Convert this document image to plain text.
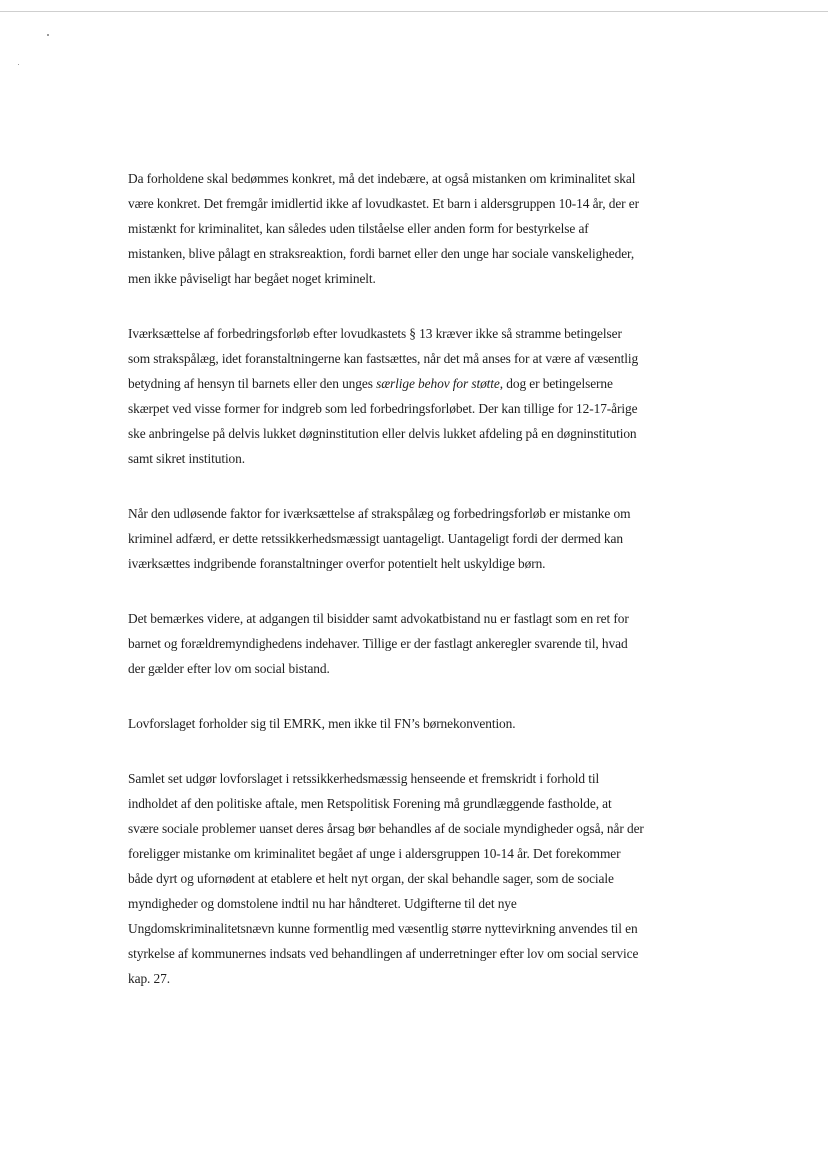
Da forholdene skal bedømmes konkret, må det indebære, at også mistanken om kriminalitet skal
være konkret. Det fremgår imidlertid ikke af lovudkastet. Et barn i aldersgruppen 10-14 år, der er
mistænkt for kriminalitet, kan således uden tilståelse eller anden form for bestyrkelse af
mistanken, blive pålagt en straksreaktion, fordi barnet eller den unge har sociale vanskeligheder,
men ikke påviseligt har begået noget kriminelt.
Iværksættelse af forbedringsforløb efter lovudkastets § 13 kræver ikke så stramme betingelser
som strakspålæg, idet foranstaltningerne kan fastsættes, når det må anses for at være af væsentlig
betydning af hensyn til barnets eller den unges særlige behov for støtte, dog er betingelserne
skærpet ved visse former for indgreb som led forbedringsforløbet. Der kan tillige for 12-17-årige
ske anbringelse på delvis lukket døgninstitution eller delvis lukket afdeling på en døgninstitution
samt sikret institution.
Når den udløsende faktor for iværksættelse af strakspålæg og forbedringsforløb er mistanke om
kriminel adfærd, er dette retssikkerhedsmæssigt uantageligt. Uantageligt fordi der dermed kan
iværksættes indgribende foranstaltninger overfor potentielt helt uskyldige børn.
Det bemærkes videre, at adgangen til bisidder samt advokatbistand nu er fastlagt som en ret for
barnet og forældremyndighedens indehaver. Tillige er der fastlagt ankeregler svarende til, hvad
der gælder efter lov om social bistand.
Lovforslaget forholder sig til EMRK, men ikke til FN’s børnekonvention.
Samlet set udgør lovforslaget i retssikkerhedsmæssig henseende et fremskridt i forhold til
indholdet af den politiske aftale, men Retspolitisk Forening må grundlæggende fastholde, at
svære sociale problemer uanset deres årsag bør behandles af de sociale myndigheder også, når der
foreligger mistanke om kriminalitet begået af unge i aldersgruppen 10-14 år. Det forekommer
både dyrt og ufornødent at etablere et helt nyt organ, der skal behandle sager, som de sociale
myndigheder og domstolene indtil nu har håndteret. Udgifterne til det nye
Ungdomskriminalitetsnævn kunne formentlig med væsentlig større nyttevirkning anvendes til en
styrkelse af kommunernes indsats ved behandlingen af underretninger efter lov om social service
kap. 27.
